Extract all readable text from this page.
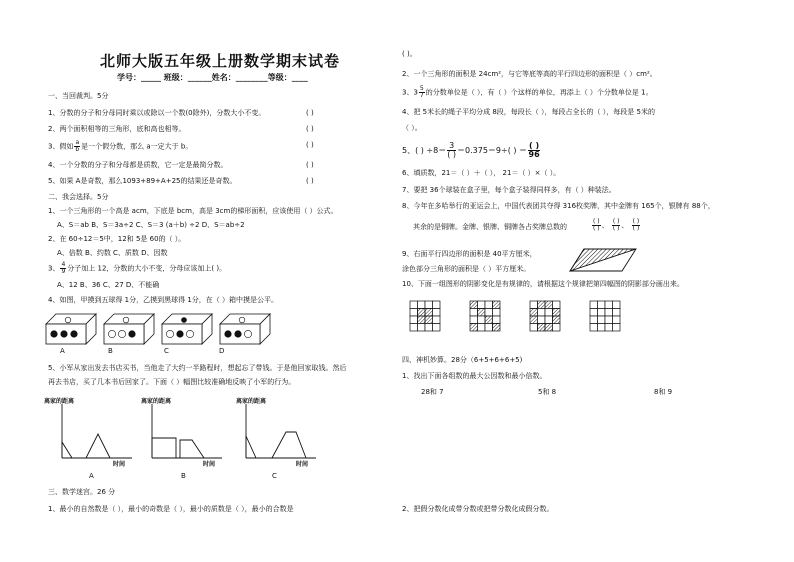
北师大版五年级上册数学期末试卷
学号：_____ 班级：______姓名：________等级：____
一、当回裁判。5分
1、分数的分子和分母同时乘以或除以一个数(0除外)，分数大小不变。	( )
2、两个面积相等的三角形，底和高也相等。	( )
3、假如 $\frac{a}{b}$ 是一个假分数，那么 a一定大于 b。	( )
4、一个分数的分子和分母都是质数，它一定是最简分数。	( )
5、如果 A是奇数，那么1093+89+A+25的结果还是奇数。	( )
二、我会选择。5分
1、一个三角形的一个高是 acm，下底是 bcm，高是 3cm的梯形面积，应该使用（ ）公式。
A、S＝ab B、S＝3a÷2 C、S＝3 (a＋b) ÷2 D、S＝ab÷2
2、在 60÷12＝5中，12和 5是 60的（ ）。
A、倍数 B、约数 C、质数 D、因数
3、 $\frac{4}{9}$ 分子加上 12，分数的大小不变，分母应该加上( )。
A、12 B、36 C、27 D、不能确
4、如图，甲摸到五球得 1分，乙摸到黑球得 1分，在（ ）箱中摸是公平。
A	B	C	D
5、小军从家出发去书店买书，当他走了大约一半路程时，想起忘了带钱。于是他回家取钱。然后
再去书店，买了几本书后回家了。下面（ ）幅图比较准确地反映了小军的行为。
离家的距离	离家的距离	离家的距离
时间	时间	时间
A	B	C
三、数学迷宫。26 分
1、最小的自然数是（ ），最小的奇数是（ ），最小的质数是（ ），最小的合数是
( )。
2、一个三角形的面积是 24cm²，与它等底等高的平行四边形的面积是（ ）cm²。
3、$3 \frac{5}{7}$ 的分数单位是（ ），有（ ）个这样的单位，再添上（ ）个分数单位是 1。
4、把 5米长的绳子平均分成 8段，每段长（ ），每段占全长的（ ），每段是 5米的
（ ）。
5、( ) $\div 8= \frac{3}{( )} =0.375=9\div$( ) ＝ $\frac{( )}{96}$
6、填质数，21＝（ ）＋（ ）， 21＝（ ）×（ ）。
7、要把 36个球装在盒子里，每个盒子装得同样多，有（ ）种装法。
8、今年在多哈举行的亚运会上，中国代表团共夺得 316枚奖牌，其中金牌有 165个，银牌有 88个，
其余的是铜牌。金牌、银牌、铜牌各占奖牌总数的	$\frac{( )}{( )}$ 、 $\frac{( )}{( )}$ 、 $\frac{( )}{( )}$
9、右面平行四边形的面积是 40平方厘米，
涂色部分三角形的面积是（ ）平方厘米。
10、下面一组图形的阴影变化是有规律的，请根据这个规律把第四幅图的阴影部分画出来。
四、神机妙算。28分（6+5+6+6+5)
1、找出下面各组数的最大公因数和最小倍数。
28和 7	5和 8	8和 9
2、把假分数化成带分数或把带分数化成假分数。
